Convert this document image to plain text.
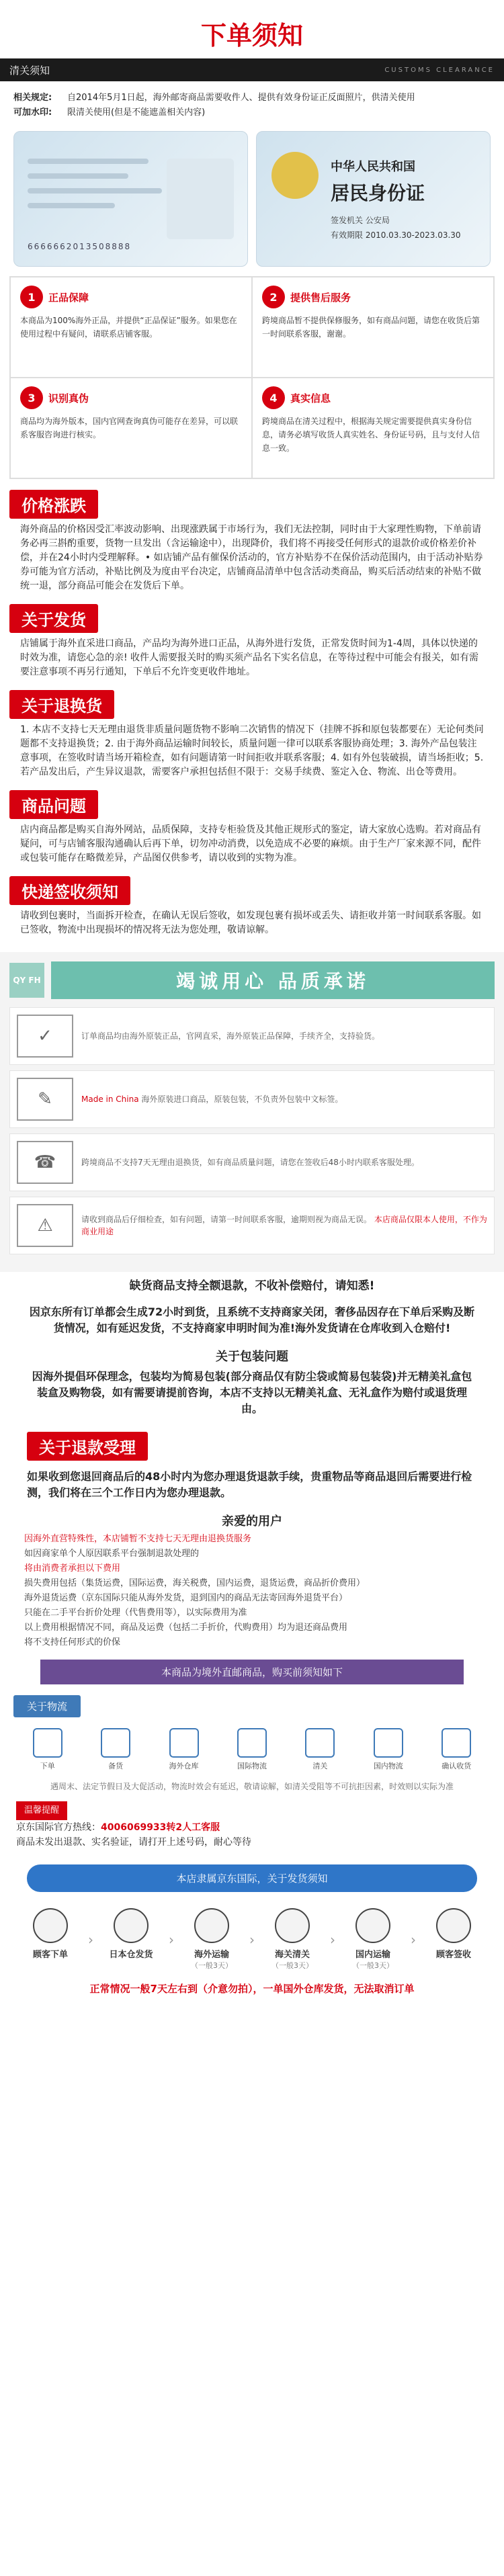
下单须知
清关须知	CUSTOMS CLEARANCE
相关规定: 自2014年5月1日起，海外邮寄商品需要收件人、提供有效身份证正反面照片，供清关使用
可加水印: 限清关使用(但是不能遮盖相关内容)
6666662013508888
中华人民共和国
居民身份证
签发机关 公安局
有效期限 2010.03.30-2023.03.30
1	正品保障
本商品为100%海外正品，并提供“正品保证”服务。如果您在使用过程中有疑问，请联系店铺客服。
2	提供售后服务
跨境商品暂不提供保修服务，如有商品问题，请您在收货后第一时间联系客服，谢谢。
3	识别真伪
商品均为海外版本，国内官网查询真伪可能存在差异，可以联系客服咨询进行核实。
4	真实信息
跨境商品在清关过程中，根据海关规定需要提供真实身份信息，请务必填写收货人真实姓名、身份证号码，且与支付人信息一致。
价格涨跌
海外商品的价格因受汇率波动影响、出现涨跌属于市场行为，我们无法控制，同时由于大家理性购物，下单前请务必再三斟酌重要，货物一旦发出（含运输途中），出现降价，我们将不再接受任何形式的退款价或价格差价补偿，并在24小时内受理解释。• 如店铺产品有催保价活动的，官方补贴券不在保价活动范围内，由于活动补贴券券可能为官方活动，补贴比例及为度由平台决定，店铺商品清单中包含活动类商品，购买后活动结束的补贴不做统一退，部分商品可能会在发货后下单。
关于发货
店铺属于海外直采进口商品，产品均为海外进口正品，从海外进行发货，正常发货时间为1-4周，具体以快递的时效为准，请您心急的亲! 收件人需要报关时的购买须产品名下实名信息，在等待过程中可能会有报关，如有需要注意事项不再另行通知，下单后不允许变更收件地址。
关于退换货
1. 本店不支持七天无理由退货非质量问题货物不影响二次销售的情况下（挂牌不拆和原包装都要在）无论何类问题都不支持退换货；2. 由于海外商品运输时间较长，质量问题一律可以联系客服协商处理；3. 海外产品包装注意事项，在签收时请当场开箱检查，如有问题请第一时间拒收并联系客服；4. 如有外包装破损，请当场拒收；5. 若产品发出后，产生异议退款，需要客户承担包括但不限于：交易手续费、鉴定入仓、物流、出仓等费用。
商品问题
店内商品都是购买自海外网站，品质保障，支持专柜验货及其他正规形式的鉴定，请大家放心选购。若对商品有疑问，可与店铺客服沟通确认后再下单，切勿冲动消费，以免造成不必要的麻烦。由于生产厂家来源不同，配件或包装可能存在略微差异，产品图仅供参考，请以收到的实物为准。
快递签收须知
请收到包裹时，当面拆开检查，在确认无误后签收，如发现包裹有损坏或丢失、请拒收并第一时间联系客服。如已签收，物流中出现损坏的情况将无法为您处理，敬请谅解。
QY FH	竭诚用心 品质承诺
✓	订单商品均由海外原装正品，官网直采，海外原装正品保障，手续齐全，支持验货。
✎	Made in China 海外原装进口商品，原装包装，不负责外包装中文标签。
☎	跨境商品不支持7天无理由退换货，如有商品质量问题，请您在签收后48小时内联系客服处理。
⚠	请收到商品后仔细检查，如有问题，请第一时间联系客服，逾期则视为商品无误。 本店商品仅限本人使用，不作为商业用途
缺货商品支持全额退款，不收补偿赔付，请知悉!
因京东所有订单都会生成72小时到货，且系统不支持商家关闭，奢侈品因存在下单后采购及断货情况，如有延迟发货，不支持商家申明时间为准!海外发货请在仓库收到入仓赔付!
关于包装问题
因海外提倡环保理念，包装均为简易包装(部分商品仅有防尘袋或简易包装袋)并无精美礼盒包装盒及购物袋，如有需要请提前咨询，本店不支持以无精美礼盒、无礼盒作为赔付或退货理由。
关于退款受理
如果收到您退回商品后的48小时内为您办理退货退款手续，贵重物品等商品退回后需要进行检测，我们将在三个工作日内为您办理退款。
亲爱的用户
因海外直营特殊性，本店铺暂不支持七天无理由退换货服务
如因商家单个人原因联系平台强制退款处理的
将由消费者承担以下费用
损失费用包括（集货运费，国际运费，海关税费，国内运费，退货运费，商品折价费用）
海外退货运费（京东国际只能从海外发货，退到国内的商品无法寄回海外退货平台）
只能在二手平台折价处理（代售费用等），以实际费用为准
以上费用根据情况不同，商品及运费（包括二手折价，代购费用）均为退还商品费用
将不支持任何形式的价保
本商品为境外直邮商品，购买前须知如下
关于物流
下单	备货	海外仓库	国际物流	清关	国内物流	确认收货
遇周末、法定节假日及大促活动，物流时效会有延迟，敬请谅解，如清关受阻等不可抗拒因素，时效则以实际为准
温馨提醒
京东国际官方热线：4006069933转2人工客服
商品未发出退款、实名验证，请打开上述号码，耐心等待
本店隶属京东国际，关于发货须知
顾客下单
›
日本仓发货
›
海外运输
（一般3天）
›
海关清关
（一般3天）
›
国内运输
（一般3天）
›
顾客签收
正常情况一般7天左右到（介意勿拍），一单国外仓库发货，无法取消订单
